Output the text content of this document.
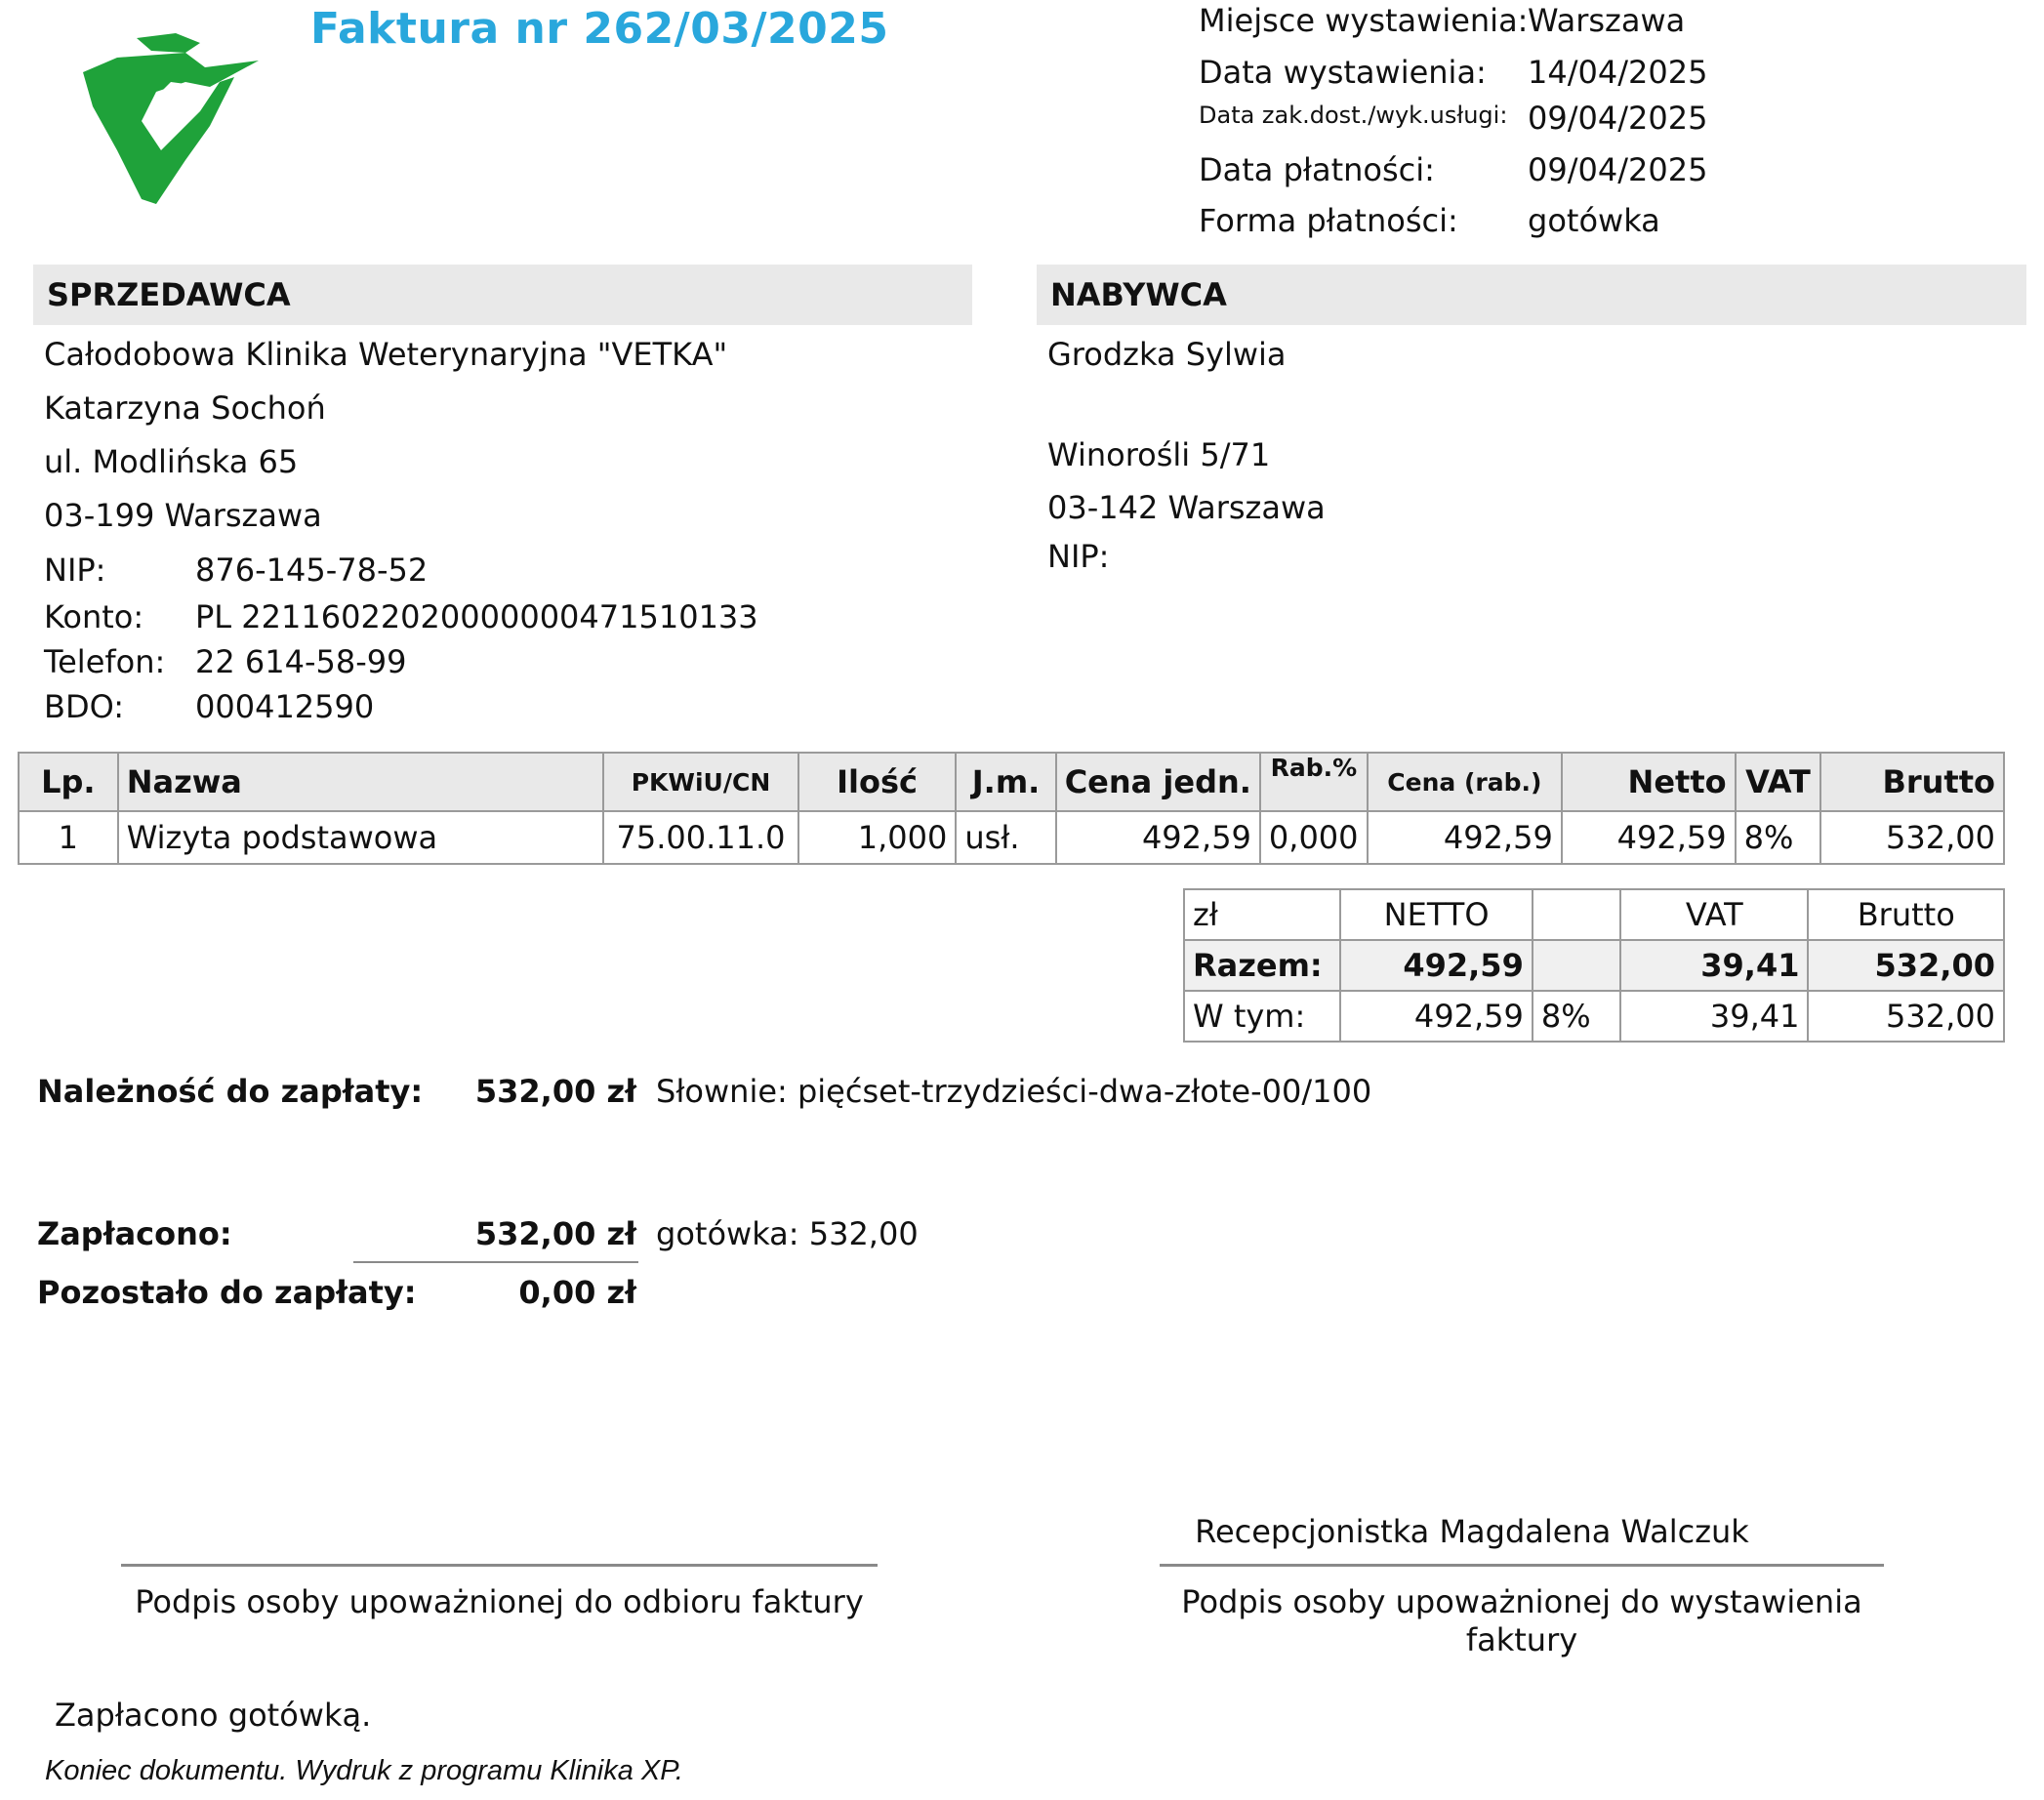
Faktura nr 262/03/2025	Miejsce wystawienia: Warszawa
Data wystawienia: 14/04/2025
Data zak.dost./wyk.usługi: 09/04/2025
Data płatności:	09/04/2025
Forma płatności: gotówka
SPRZEDAWCA
Całodobowa Klinika Weterynaryjna "VETKA"
Katarzyna Sochoń
ul. Modlińska 65
03-199 Warszawa
NIP:	876-145-78-52
Konto: PL 22116022020000000471510133
Telefon: 22 614-58-99
BDO: 000412590
NABYWCA
Grodzka Sylwia
Winorośli 5/71
03-142 Warszawa
NIP:
Lp.	Nazwa	PKWiU/CN	Ilość	J.m.	Cena jedn.	Rab.%	Cena (rab.)	Netto	VAT	Brutto
1	Wizyta podstawowa	75.00.11.0	1,000	usł.	492,59	0,000	492,59	492,59	8%	532,00
zł	NETTO		VAT	Brutto
Razem:	492,59		39,41	532,00
W tym:	492,59	8%	39,41	532,00
Należność do zapłaty:	532,00 zł Słownie: pięćset-trzydzieści-dwa-złote-00/100
Zapłacono:	532,00 zł gotówka: 532,00
Pozostało do zapłaty:	0,00 zł
Recepcjonistka Magdalena Walczuk
Podpis osoby upoważnionej do odbioru faktury	Podpis osoby upoważnionej do wystawienia
faktury
Zapłacono gotówką.
Koniec dokumentu. Wydruk z programu Klinika XP.
